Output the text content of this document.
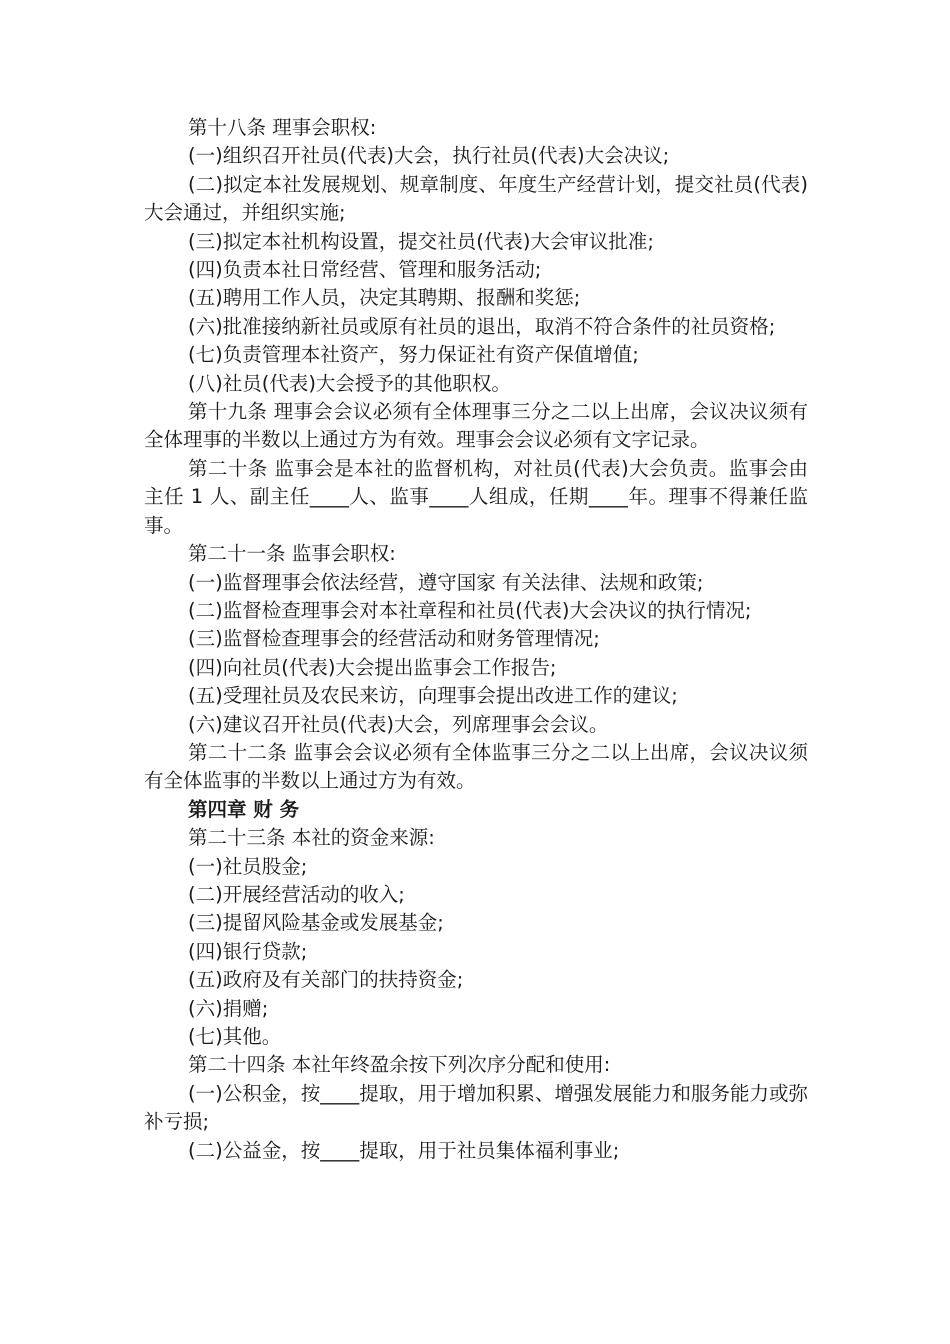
第十八条 理事会职权:

(一)组织召开社员(代表)大会，执行社员(代表)大会决议;

(二)拟定本社发展规划、规章制度、年度生产经营计划，提交社员(代表)大会通过，并组织实施;

(三)拟定本社机构设置，提交社员(代表)大会审议批准;

(四)负责本社日常经营、管理和服务活动;

(五)聘用工作人员，决定其聘期、报酬和奖惩;

(六)批准接纳新社员或原有社员的退出，取消不符合条件的社员资格;

(七)负责管理本社资产，努力保证社有资产保值增值;

(八)社员(代表)大会授予的其他职权。

第十九条 理事会会议必须有全体理事三分之二以上出席，会议决议须有全体理事的半数以上通过方为有效。理事会会议必须有文字记录。

第二十条 监事会是本社的监督机构，对社员(代表)大会负责。监事会由主任 1 人、副主任____人、监事____人组成，任期____年。理事不得兼任监事。

第二十一条 监事会职权:

(一)监督理事会依法经营，遵守国家 有关法律、法规和政策;

(二)监督检查理事会对本社章程和社员(代表)大会决议的执行情况;

(三)监督检查理事会的经营活动和财务管理情况;

(四)向社员(代表)大会提出监事会工作报告;

(五)受理社员及农民来访，向理事会提出改进工作的建议;

(六)建议召开社员(代表)大会，列席理事会会议。

第二十二条 监事会会议必须有全体监事三分之二以上出席，会议决议须有全体监事的半数以上通过方为有效。

第四章 财 务

第二十三条 本社的资金来源:

(一)社员股金;

(二)开展经营活动的收入;

(三)提留风险基金或发展基金;

(四)银行贷款;

(五)政府及有关部门的扶持资金;

(六)捐赠;

(七)其他。

第二十四条 本社年终盈余按下列次序分配和使用:

(一)公积金，按____提取，用于增加积累、增强发展能力和服务能力或弥补亏损;

(二)公益金，按____提取，用于社员集体福利事业;
